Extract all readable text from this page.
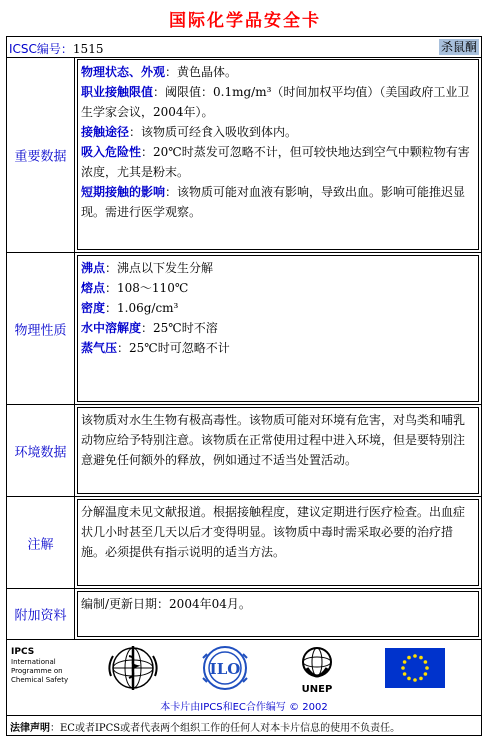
国际化学品安全卡
ICSC编号：1515	杀鼠酮
重要数据

物理状态、外观：黄色晶体。

职业接触限值：阈限值：0.1mg/m³（时间加权平均值）（美国政府工业卫生学家会议，2004年）。

接触途径：该物质可经食入吸收到体内。

吸入危险性：20℃时蒸发可忽略不计，但可较快地达到空气中颗粒物有害浓度，尤其是粉末。

短期接触的影响：该物质可能对血液有影响，导致出血。影响可能推迟显现。需进行医学观察。

物理性质

沸点：沸点以下发生分解

熔点：108～110℃

密度：1.06g/cm³

水中溶解度：25℃时不溶

蒸气压：25℃时可忽略不计

环境数据

该物质对水生生物有极高毒性。该物质可能对环境有危害，对鸟类和哺乳动物应给予特别注意。该物质在正常使用过程中进入环境，但是要特别注意避免任何额外的释放，例如通过不适当处置活动。

注解

分解温度未见文献报道。根据接触程度，建议定期进行医疗检查。出血症状几小时甚至几天以后才变得明显。该物质中毒时需采取必要的治疗措施。必须提供有指示说明的适当方法。

附加资料

编制/更新日期：2004年04月。

IPCS
International
Programme on
Chemical Safety
ILO
UNEP
本卡片由IPCS和EC合作编写 © 2002
法律声明：EC或者IPCS或者代表两个组织工作的任何人对本卡片信息的使用不负责任。
